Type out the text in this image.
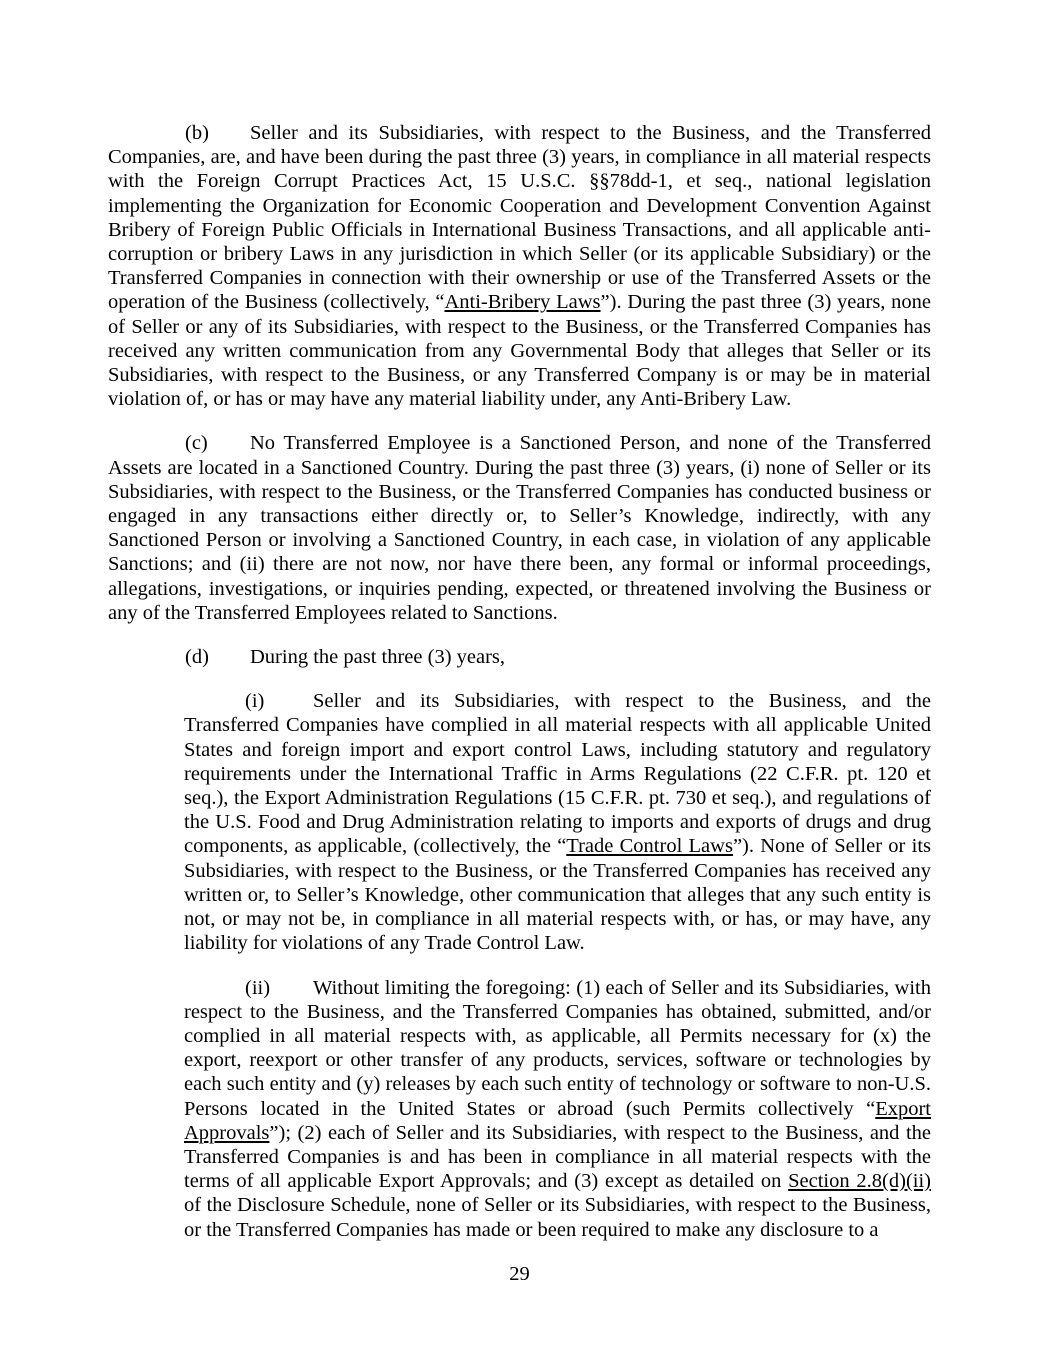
(b) Seller and its Subsidiaries, with respect to the Business, and the Transferred Companies, are, and have been during the past three (3) years, in compliance in all material respects with the Foreign Corrupt Practices Act, 15 U.S.C. §§78dd-1, et seq., national legislation implementing the Organization for Economic Cooperation and Development Convention Against Bribery of Foreign Public Officials in International Business Transactions, and all applicable anti-corruption or bribery Laws in any jurisdiction in which Seller (or its applicable Subsidiary) or the Transferred Companies in connection with their ownership or use of the Transferred Assets or the operation of the Business (collectively, “Anti-Bribery Laws”). During the past three (3) years, none of Seller or any of its Subsidiaries, with respect to the Business, or the Transferred Companies has received any written communication from any Governmental Body that alleges that Seller or its Subsidiaries, with respect to the Business, or any Transferred Company is or may be in material violation of, or has or may have any material liability under, any Anti-Bribery Law.

(c) No Transferred Employee is a Sanctioned Person, and none of the Transferred Assets are located in a Sanctioned Country. During the past three (3) years, (i) none of Seller or its Subsidiaries, with respect to the Business, or the Transferred Companies has conducted business or engaged in any transactions either directly or, to Seller’s Knowledge, indirectly, with any Sanctioned Person or involving a Sanctioned Country, in each case, in violation of any applicable Sanctions; and (ii) there are not now, nor have there been, any formal or informal proceedings, allegations, investigations, or inquiries pending, expected, or threatened involving the Business or any of the Transferred Employees related to Sanctions.

(d) During the past three (3) years,

(i) Seller and its Subsidiaries, with respect to the Business, and the Transferred Companies have complied in all material respects with all applicable United States and foreign import and export control Laws, including statutory and regulatory requirements under the International Traffic in Arms Regulations (22 C.F.R. pt. 120 et seq.), the Export Administration Regulations (15 C.F.R. pt. 730 et seq.), and regulations of the U.S. Food and Drug Administration relating to imports and exports of drugs and drug components, as applicable, (collectively, the “Trade Control Laws”). None of Seller or its Subsidiaries, with respect to the Business, or the Transferred Companies has received any written or, to Seller’s Knowledge, other communication that alleges that any such entity is not, or may not be, in compliance in all material respects with, or has, or may have, any liability for violations of any Trade Control Law.

(ii) Without limiting the foregoing: (1) each of Seller and its Subsidiaries, with respect to the Business, and the Transferred Companies has obtained, submitted, and/or complied in all material respects with, as applicable, all Permits necessary for (x) the export, reexport or other transfer of any products, services, software or technologies by each such entity and (y) releases by each such entity of technology or software to non-U.S. Persons located in the United States or abroad (such Permits collectively “Export Approvals”); (2) each of Seller and its Subsidiaries, with respect to the Business, and the Transferred Companies is and has been in compliance in all material respects with the terms of all applicable Export Approvals; and (3) except as detailed on Section 2.8(d)(ii) of the Disclosure Schedule, none of Seller or its Subsidiaries, with respect to the Business, or the Transferred Companies has made or been required to make any disclosure to a

29
